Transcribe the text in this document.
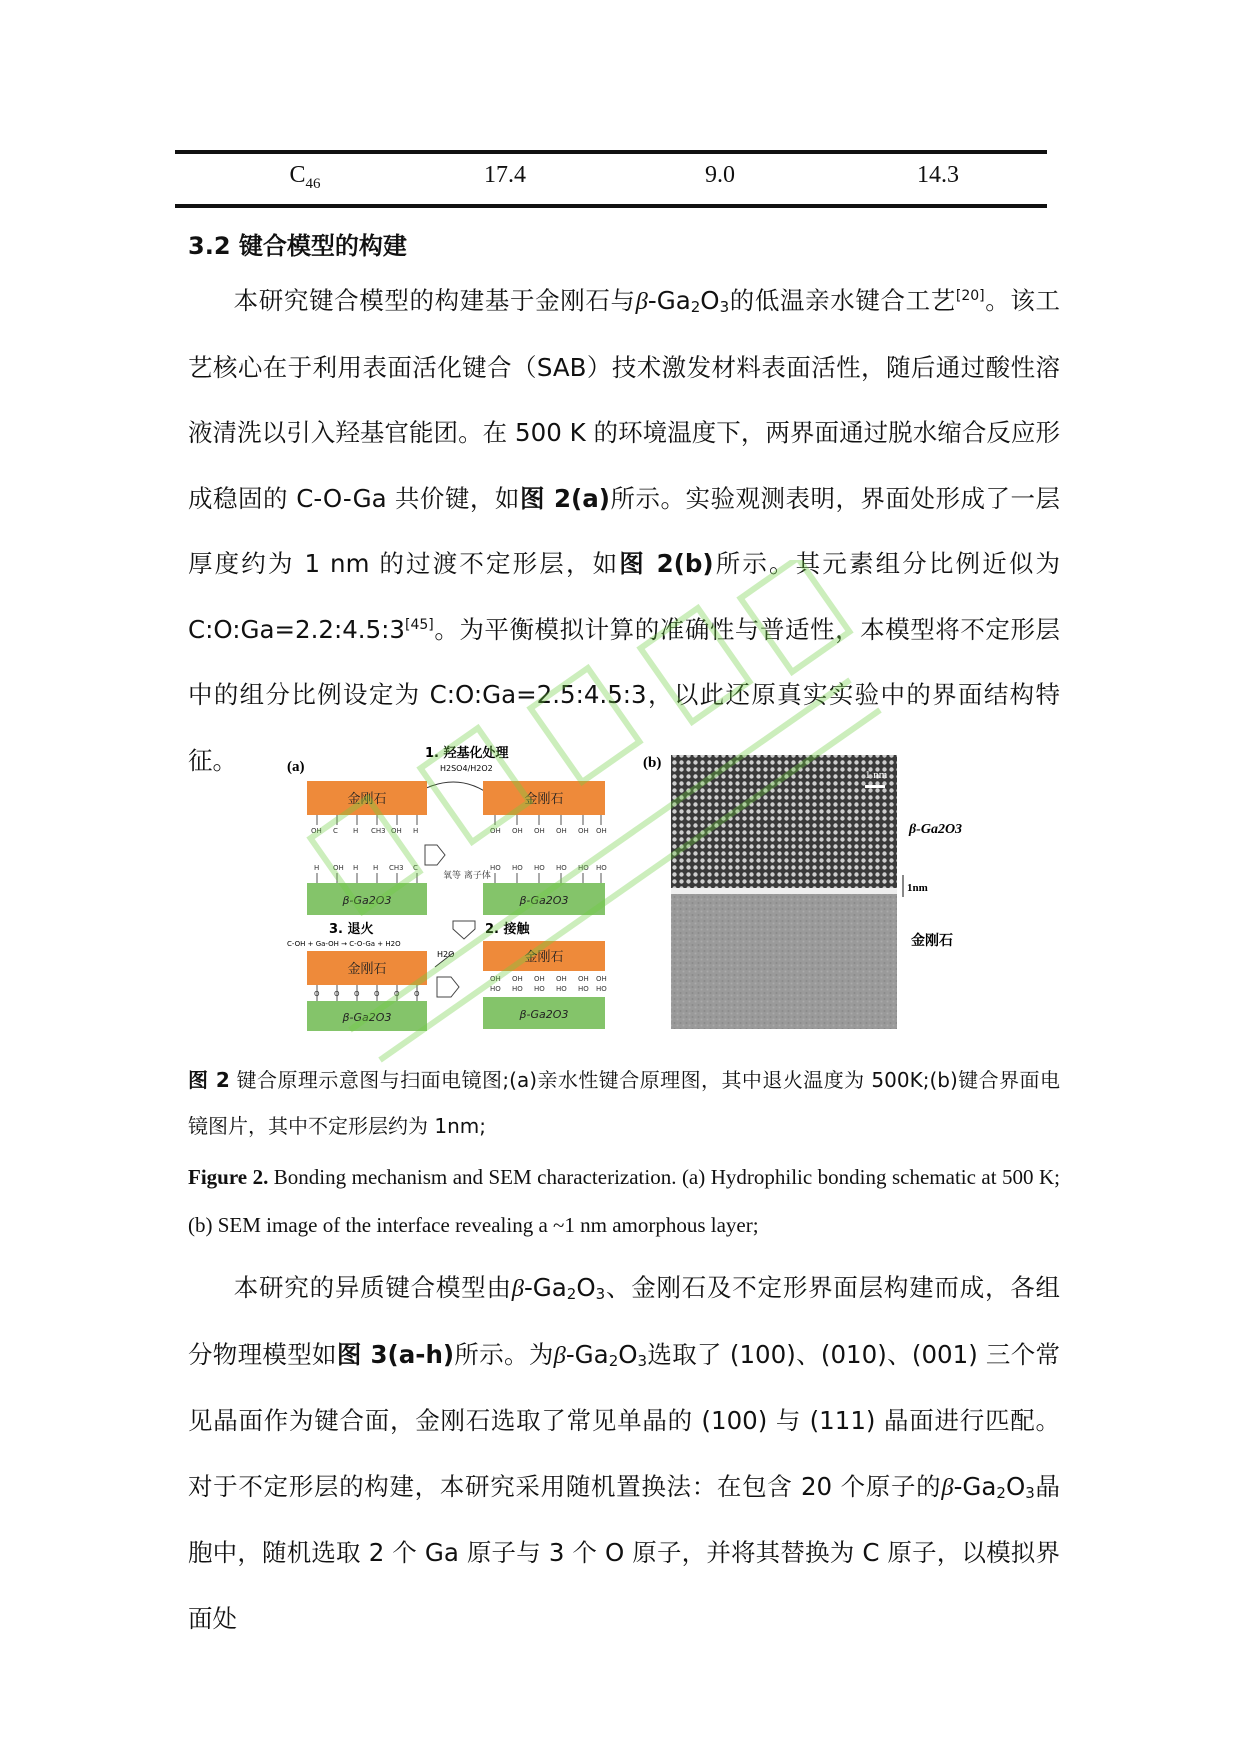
$C_{46}$	17.4	9.0	14.3
3.2 键合模型的构建
本研究键合模型的构建基于金刚石与$\beta-Ga_2O_3$的低温亲水键合工艺[20]。该工艺核心在于利用表面活化键合（SAB）技术激发材料表面活性，随后通过酸性溶液清洗以引入羟基官能团。在 500 K 的环境温度下，两界面通过脱水缩合反应形成稳固的 C-O-Ga 共价键，如图 2(a)所示。实验观测表明，界面处形成了一层厚度约为 1 nm 的过渡不定形层，如图 2(b)所示。其元素组分比例近似为 C:O:Ga=2.2:4.5:3[45]。为平衡模拟计算的准确性与普适性，本模型将不定形层中的组分比例设定为 C:O:Ga=2.5:4.5:3，以此还原真实实验中的界面结构特征。	(a)
1. 羟基化处理
H2SO4/H2O2
金刚石	金刚石
OH C H CH3 OH H	OH OH OH OH OH OH
H OH H H CH3 C	HO HO HO HO HO HO
氧等 离子体
β-Ga2O3	β-Ga2O3
3. 退火
C-OH + Ga-OH → C-O-Ga + H2O
2. 接触
金刚石
金刚石
H2O
O O O O O O
OH OH OH OH OH OH
HO HO HO HO HO HO
β-Ga2O3	β-Ga2O3
(b)
1 nm
β-Ga2O3
1nm
金刚石
图 2 键合原理示意图与扫面电镜图;(a)亲水性键合原理图，其中退火温度为 500K;(b)键合界面电镜图片，其中不定形层约为 1nm;
Figure 2. Bonding mechanism and SEM characterization. (a) Hydrophilic bonding schematic at 500 K; (b) SEM image of the interface revealing a ~1 nm amorphous layer;
本研究的异质键合模型由$\beta-Ga_2O_3$、金刚石及不定形界面层构建而成，各组分物理模型如图 3(a-h)所示。为$\beta-Ga_2O_3$选取了 (100)、(010)、(001) 三个常见晶面作为键合面，金刚石选取了常见单晶的 (100) 与 (111) 晶面进行匹配。对于不定形层的构建，本研究采用随机置换法：在包含 20 个原子的$\beta-Ga_2O_3$晶胞中，随机选取 2 个 Ga 原子与 3 个 O 原子，并将其替换为 C 原子，以模拟界面处
